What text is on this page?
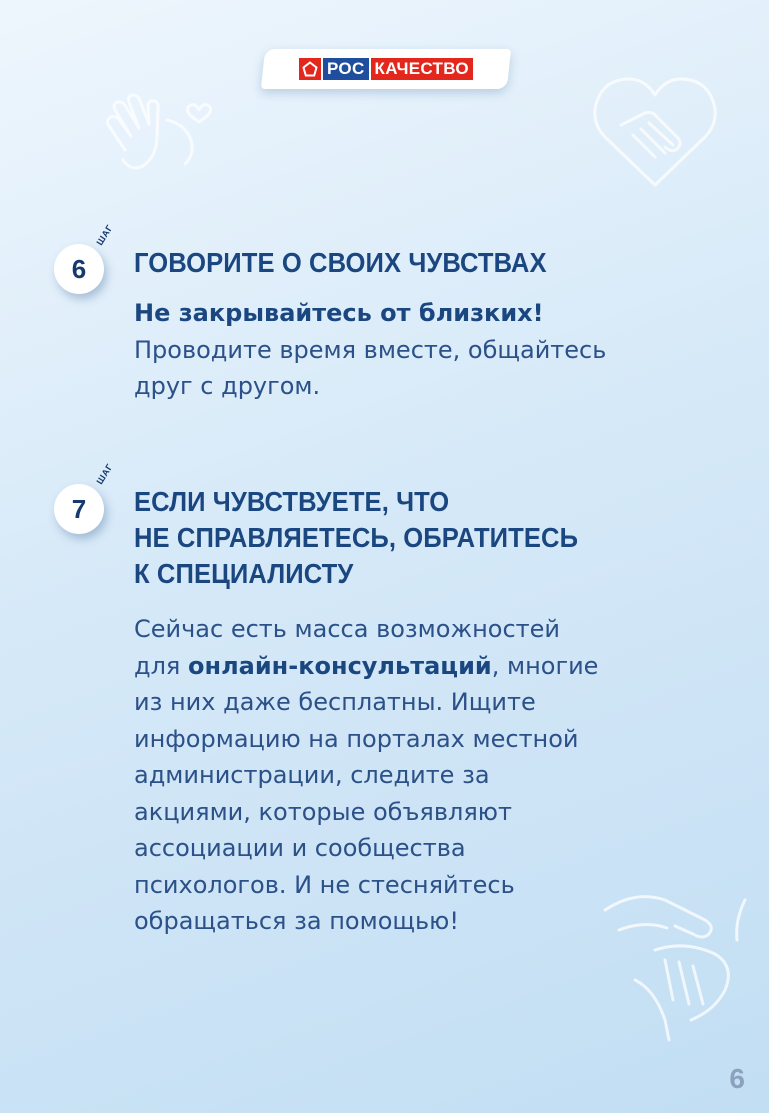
РОС КАЧЕСТВО
6
ШАГ
ГОВОРИТЕ О СВОИХ ЧУВСТВАХ
Не закрывайтесь от близких!
Проводите время вместе, общайтесь
друг с другом.
7
ШАГ
ЕСЛИ ЧУВСТВУЕТЕ, ЧТО
НЕ СПРАВЛЯЕТЕСЬ, ОБРАТИТЕСЬ
К СПЕЦИАЛИСТУ
Сейчас есть масса возможностей
для онлайн-консультаций, многие
из них даже бесплатны. Ищите
информацию на порталах местной
администрации, следите за
акциями, которые объявляют
ассоциации и сообщества
психологов. И не стесняйтесь
обращаться за помощью!
6
